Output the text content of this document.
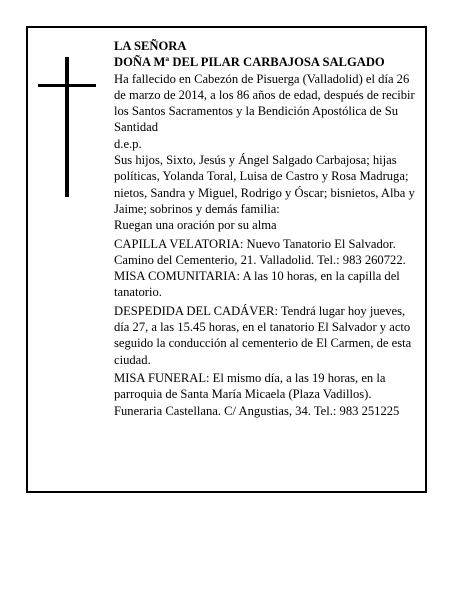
LA SEÑORA

DOÑA Mª DEL PILAR CARBAJOSA SALGADO

Ha fallecido en Cabezón de Pisuerga (Valladolid) el día 26 de marzo de 2014, a los 86 años de edad, después de recibir los Santos Sacramentos y la Bendición Apostólica de Su Santidad

d.e.p.

Sus hijos, Sixto, Jesús y Ángel Salgado Carbajosa; hijas políticas, Yolanda Toral, Luisa de Castro y Rosa Madruga; nietos, Sandra y Miguel, Rodrigo y Óscar; bisnietos, Alba y Jaime; sobrinos y demás familia:

Ruegan una oración por su alma

CAPILLA VELATORIA: Nuevo Tanatorio El Salvador. Camino del Cementerio, 21. Valladolid. Tel.: 983 260722. MISA COMUNITARIA: A las 10 horas, en la capilla del tanatorio.

DESPEDIDA DEL CADÁVER: Tendrá lugar hoy jueves, día 27, a las 15.45 horas, en el tanatorio El Salvador y acto seguido la conducción al cementerio de El Carmen, de esta ciudad.

MISA FUNERAL: El mismo día, a las 19 horas, en la parroquia de Santa María Micaela (Plaza Vadillos).

Funeraria Castellana. C/ Angustias, 34. Tel.: 983 251225
